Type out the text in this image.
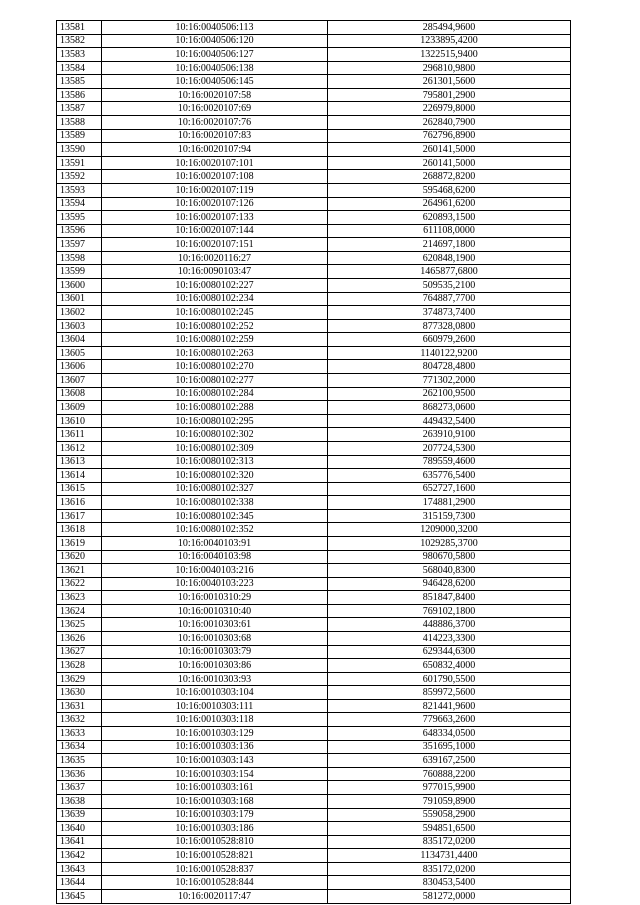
13581	10:16:0040506:113	285494,9600
13582	10:16:0040506:120	1233895,4200
13583	10:16:0040506:127	1322515,9400
13584	10:16:0040506:138	296810,9800
13585	10:16:0040506:145	261301,5600
13586	10:16:0020107:58	795801,2900
13587	10:16:0020107:69	226979,8000
13588	10:16:0020107:76	262840,7900
13589	10:16:0020107:83	762796,8900
13590	10:16:0020107:94	260141,5000
13591	10:16:0020107:101	260141,5000
13592	10:16:0020107:108	268872,8200
13593	10:16:0020107:119	595468,6200
13594	10:16:0020107:126	264961,6200
13595	10:16:0020107:133	620893,1500
13596	10:16:0020107:144	611108,0000
13597	10:16:0020107:151	214697,1800
13598	10:16:0020116:27	620848,1900
13599	10:16:0090103:47	1465877,6800
13600	10:16:0080102:227	509535,2100
13601	10:16:0080102:234	764887,7700
13602	10:16:0080102:245	374873,7400
13603	10:16:0080102:252	877328,0800
13604	10:16:0080102:259	660979,2600
13605	10:16:0080102:263	1140122,9200
13606	10:16:0080102:270	804728,4800
13607	10:16:0080102:277	771302,2000
13608	10:16:0080102:284	262100,9500
13609	10:16:0080102:288	868273,0600
13610	10:16:0080102:295	449432,5400
13611	10:16:0080102:302	263910,9100
13612	10:16:0080102:309	207724,5300
13613	10:16:0080102:313	789559,4600
13614	10:16:0080102:320	635776,5400
13615	10:16:0080102:327	652727,1600
13616	10:16:0080102:338	174881,2900
13617	10:16:0080102:345	315159,7300
13618	10:16:0080102:352	1209000,3200
13619	10:16:0040103:91	1029285,3700
13620	10:16:0040103:98	980670,5800
13621	10:16:0040103:216	568040,8300
13622	10:16:0040103:223	946428,6200
13623	10:16:0010310:29	851847,8400
13624	10:16:0010310:40	769102,1800
13625	10:16:0010303:61	448886,3700
13626	10:16:0010303:68	414223,3300
13627	10:16:0010303:79	629344,6300
13628	10:16:0010303:86	650832,4000
13629	10:16:0010303:93	601790,5500
13630	10:16:0010303:104	859972,5600
13631	10:16:0010303:111	821441,9600
13632	10:16:0010303:118	779663,2600
13633	10:16:0010303:129	648334,0500
13634	10:16:0010303:136	351695,1000
13635	10:16:0010303:143	639167,2500
13636	10:16:0010303:154	760888,2200
13637	10:16:0010303:161	977015,9900
13638	10:16:0010303:168	791059,8900
13639	10:16:0010303:179	559058,2900
13640	10:16:0010303:186	594851,6500
13641	10:16:0010528:810	835172,0200
13642	10:16:0010528:821	1134731,4400
13643	10:16:0010528:837	835172,0200
13644	10:16:0010528:844	830453,5400
13645	10:16:0020117:47	581272,0000
